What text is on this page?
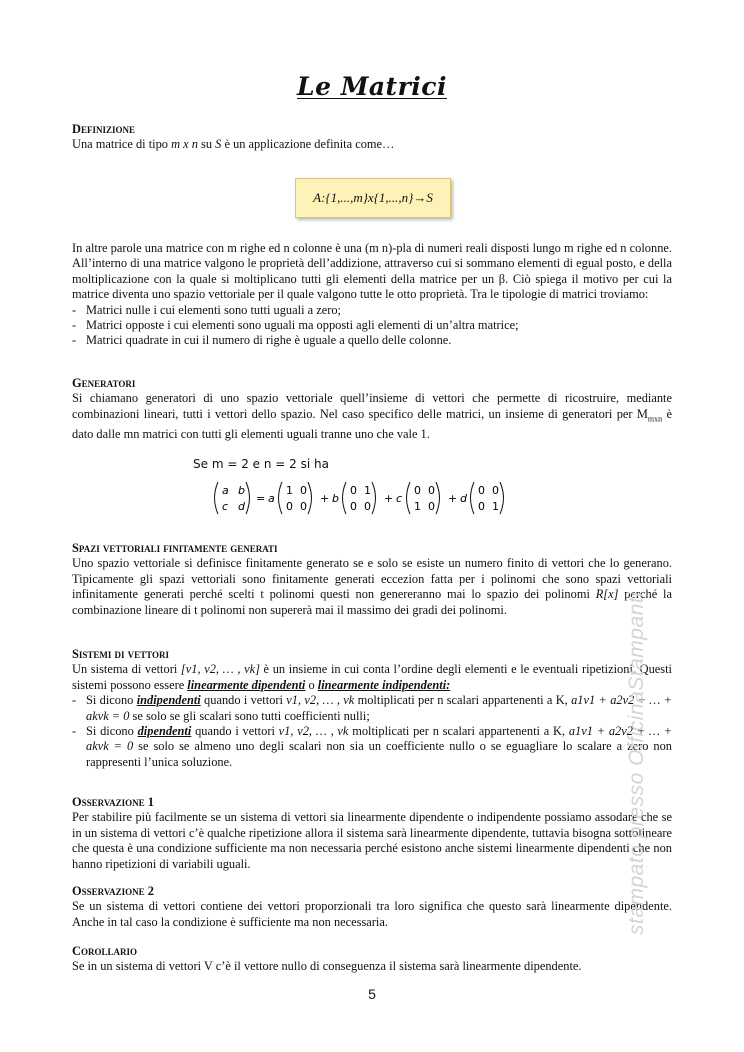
Le Matrici
Definizione

Una matrice di tipo m x n su S è un applicazione definita come…

A:{1,...,m}x{1,...,n}→S

In altre parole una matrice con m righe ed n colonne è una (m n)-pla di numeri reali disposti lungo m righe ed n colonne. All’interno di una matrice valgono le proprietà dell’addizione, attraverso cui si sommano elementi di egual posto, e della moltiplicazione con la quale si moltiplicano tutti gli elementi della matrice per un β. Ciò spiega il motivo per cui la matrice diventa uno spazio vettoriale per il quale valgono tutte le otto proprietà. Tra le tipologie di matrici troviamo:

- Matrici nulle i cui elementi sono tutti uguali a zero;
- Matrici opposte i cui elementi sono uguali ma opposti agli elementi di un’altra matrice;
- Matrici quadrate in cui il numero di righe è uguale a quello delle colonne.
Generatori

Si chiamano generatori di uno spazio vettoriale quell’insieme di vettori che permette di ricostruire, mediante combinazioni lineari, tutti i vettori dello spazio. Nel caso specifico delle matrici, un insieme di generatori per $M_{mxn}$ è dato dalle mn matrici con tutti gli elementi uguali tranne uno che vale 1.

Se m = 2 e n = 2 si ha
a b
c d
= a
1 0
0 0
+ b
0 1
0 0
+ c
0 0
1 0
+ d
0 0
0 1
Spazi vettoriali finitamente generati

Uno spazio vettoriale si definisce finitamente generato se e solo se esiste un numero finito di vettori che lo generano. Tipicamente gli spazi vettoriali sono finitamente generati eccezion fatta per i polinomi che sono spazi vettoriali infinitamente generati perché scelti t polinomi questi non genereranno mai lo spazio dei polinomi R[x] perché la combinazione lineare di t polinomi non supererà mai il massimo dei gradi dei polinomi.

Sistemi di vettori

Un sistema di vettori [v1, v2, … , vk] è un insieme in cui conta l’ordine degli elementi e le eventuali ripetizioni. Questi sistemi possono essere linearmente dipendenti o linearmente indipendenti:

- Si dicono indipendenti quando i vettori v1, v2, … , vk moltiplicati per n scalari appartenenti a K, a1v1 + a2v2 + … + akvk = 0 se solo se gli scalari sono tutti coefficienti nulli;
- Si dicono dipendenti quando i vettori v1, v2, … , vk moltiplicati per n scalari appartenenti a K, a1v1 + a2v2 + … + akvk = 0 se solo se almeno uno degli scalari non sia un coefficiente nullo o se eguagliare lo scalare a zero non rappresenti l’unica soluzione.
Osservazione 1

Per stabilire più facilmente se un sistema di vettori sia linearmente dipendente o indipendente possiamo assodare che se in un sistema di vettori c’è qualche ripetizione allora il sistema sarà linearmente dipendente, tuttavia bisogna sottolineare che questa è una condizione sufficiente ma non necessaria perché esistono anche sistemi linearmente dipendenti che non hanno ripetizioni di variabili uguali.

Osservazione 2

Se un sistema di vettori contiene dei vettori proporzionali tra loro significa che questo sarà linearmente dipendente. Anche in tal caso la condizione è sufficiente ma non necessaria.

Corollario

Se in un sistema di vettori V c’è il vettore nullo di conseguenza il sistema sarà linearmente dipendente.

5
stampato presso OfficinaStampanti
